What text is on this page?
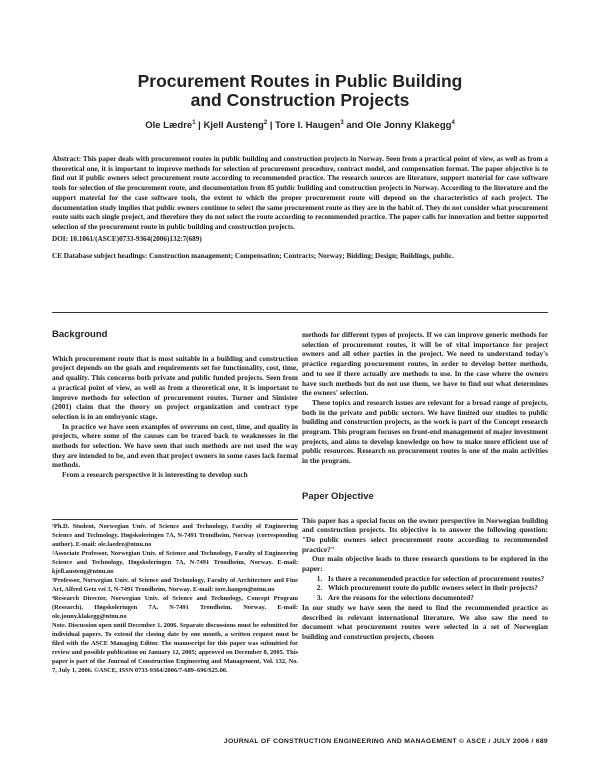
Procurement Routes in Public Building
and Construction Projects
Ole Lædre$^1$ | Kjell Austeng$^2$ | Tore I. Haugen$^3$ and Ole Jonny Klakegg$^4$
Abstract: This paper deals with procurement routes in public building and construction projects in Norway. Seen from a practical point of view, as well as from a theoretical one, it is important to improve methods for selection of procurement procedure, contract model, and compensation format. The paper objective is to find out if public owners select procurement route according to recommended practice. The research sources are literature, support material for case software tools for selection of the procurement route, and documentation from 85 public building and construction projects in Norway. According to the literature and the support material for the case software tools, the extent to which the proper procurement route will depend on the characteristics of each project. The documentation study implies that public owners continue to select the same procurement route as they are in the habit of. They do not consider what procurement route suits each single project, and therefore they do not select the route according to recommended practice. The paper calls for innovation and better supported selection of the procurement route in public building and construction projects.
DOI: 10.1061/(ASCE)0733-9364(2006)132:7(689)
CE Database subject headings: Construction management; Compensation; Contracts; Norway; Bidding; Design; Buildings, public.
Background

Which procurement route that is most suitable in a building and construction project depends on the goals and requirements set for functionality, cost, time, and quality. This concerns both private and public funded projects. Seen from a practical point of view, as well as from a theoretical one, it is important to improve methods for selection of procurement routes. Turner and Simister (2001) claim that the theory on project organization and contract type selection is in an embryonic stage.

In practice we have seen examples of overruns on cost, time, and quality in projects, where some of the causes can be traced back to weaknesses in the methods for selection. We have seen that such methods are not used the way they are intended to be, and even that project owners in some cases lack formal methods.

From a research perspective it is interesting to develop such

¹Ph.D. Student, Norwegian Univ. of Science and Technology, Faculty of Engineering Science and Technology, Høgskoleringen 7A, N-7491 Trondheim, Norway (corresponding author). E-mail: ole.laedre@ntnu.no

²Associate Professor, Norwegian Univ. of Science and Technology, Faculty of Engineering Science and Technology, Høgskoleringen 7A, N-7491 Trondheim, Norway. E-mail: kjell.austeng@ntnu.no

³Professor, Norwegian Univ. of Science and Technology, Faculty of Architecture and Fine Art, Alfred Getz vei 3, N-7491 Trondheim, Norway. E-mail: tore.haugen@ntnu.no

⁴Research Director, Norwegian Univ. of Science and Technology, Concept Program (Research), Høgskoleringen 7A, N-7491 Trondheim, Norway. E-mail: ole.jonny.klakegg@ntnu.no

Note. Discussion open until December 1, 2006. Separate discussions must be submitted for individual papers. To extend the closing date by one month, a written request must be filed with the ASCE Managing Editor. The manuscript for this paper was submitted for review and possible publication on January 12, 2005; approved on December 8, 2005. This paper is part of the Journal of Construction Engineering and Management, Vol. 132, No. 7, July 1, 2006. ©ASCE, ISSN 0733-9364/2006/7-689–696/$25.00.

methods for different types of projects. If we can improve generic methods for selection of procurement routes, it will be of vital importance for project owners and all other parties in the project. We need to understand today's practice regarding procurement routes, in order to develop better methods, and to see if there actually are methods to use. In the case where the owners have such methods but do not use them, we have to find out what determines the owners' selection.

These topics and research issues are relevant for a broad range of projects, both in the private and public sectors. We have limited our studies to public building and construction projects, as the work is part of the Concept research program. This program focuses on front-end management of major investment projects, and aims to develop knowledge on how to make more efficient use of public resources. Research on procurement routes is one of the main activities in the program.

Paper Objective

This paper has a special focus on the owner perspective in Norwegian building and construction projects. Its objective is to answer the following question: "Do public owners select procurement route according to recommended practice?"

Our main objective leads to three research questions to be explored in the paper:

1. Is there a recommended practice for selection of procurement routes?
2. Which procurement route do public owners select in their projects?
3. Are the reasons for the selections documented?

In our study we have seen the need to find the recommended practice as described in relevant international literature. We also saw the need to document what procurement routes were selected in a set of Norwegian building and construction projects, chosen

JOURNAL OF CONSTRUCTION ENGINEERING AND MANAGEMENT © ASCE / JULY 2006 / 689
